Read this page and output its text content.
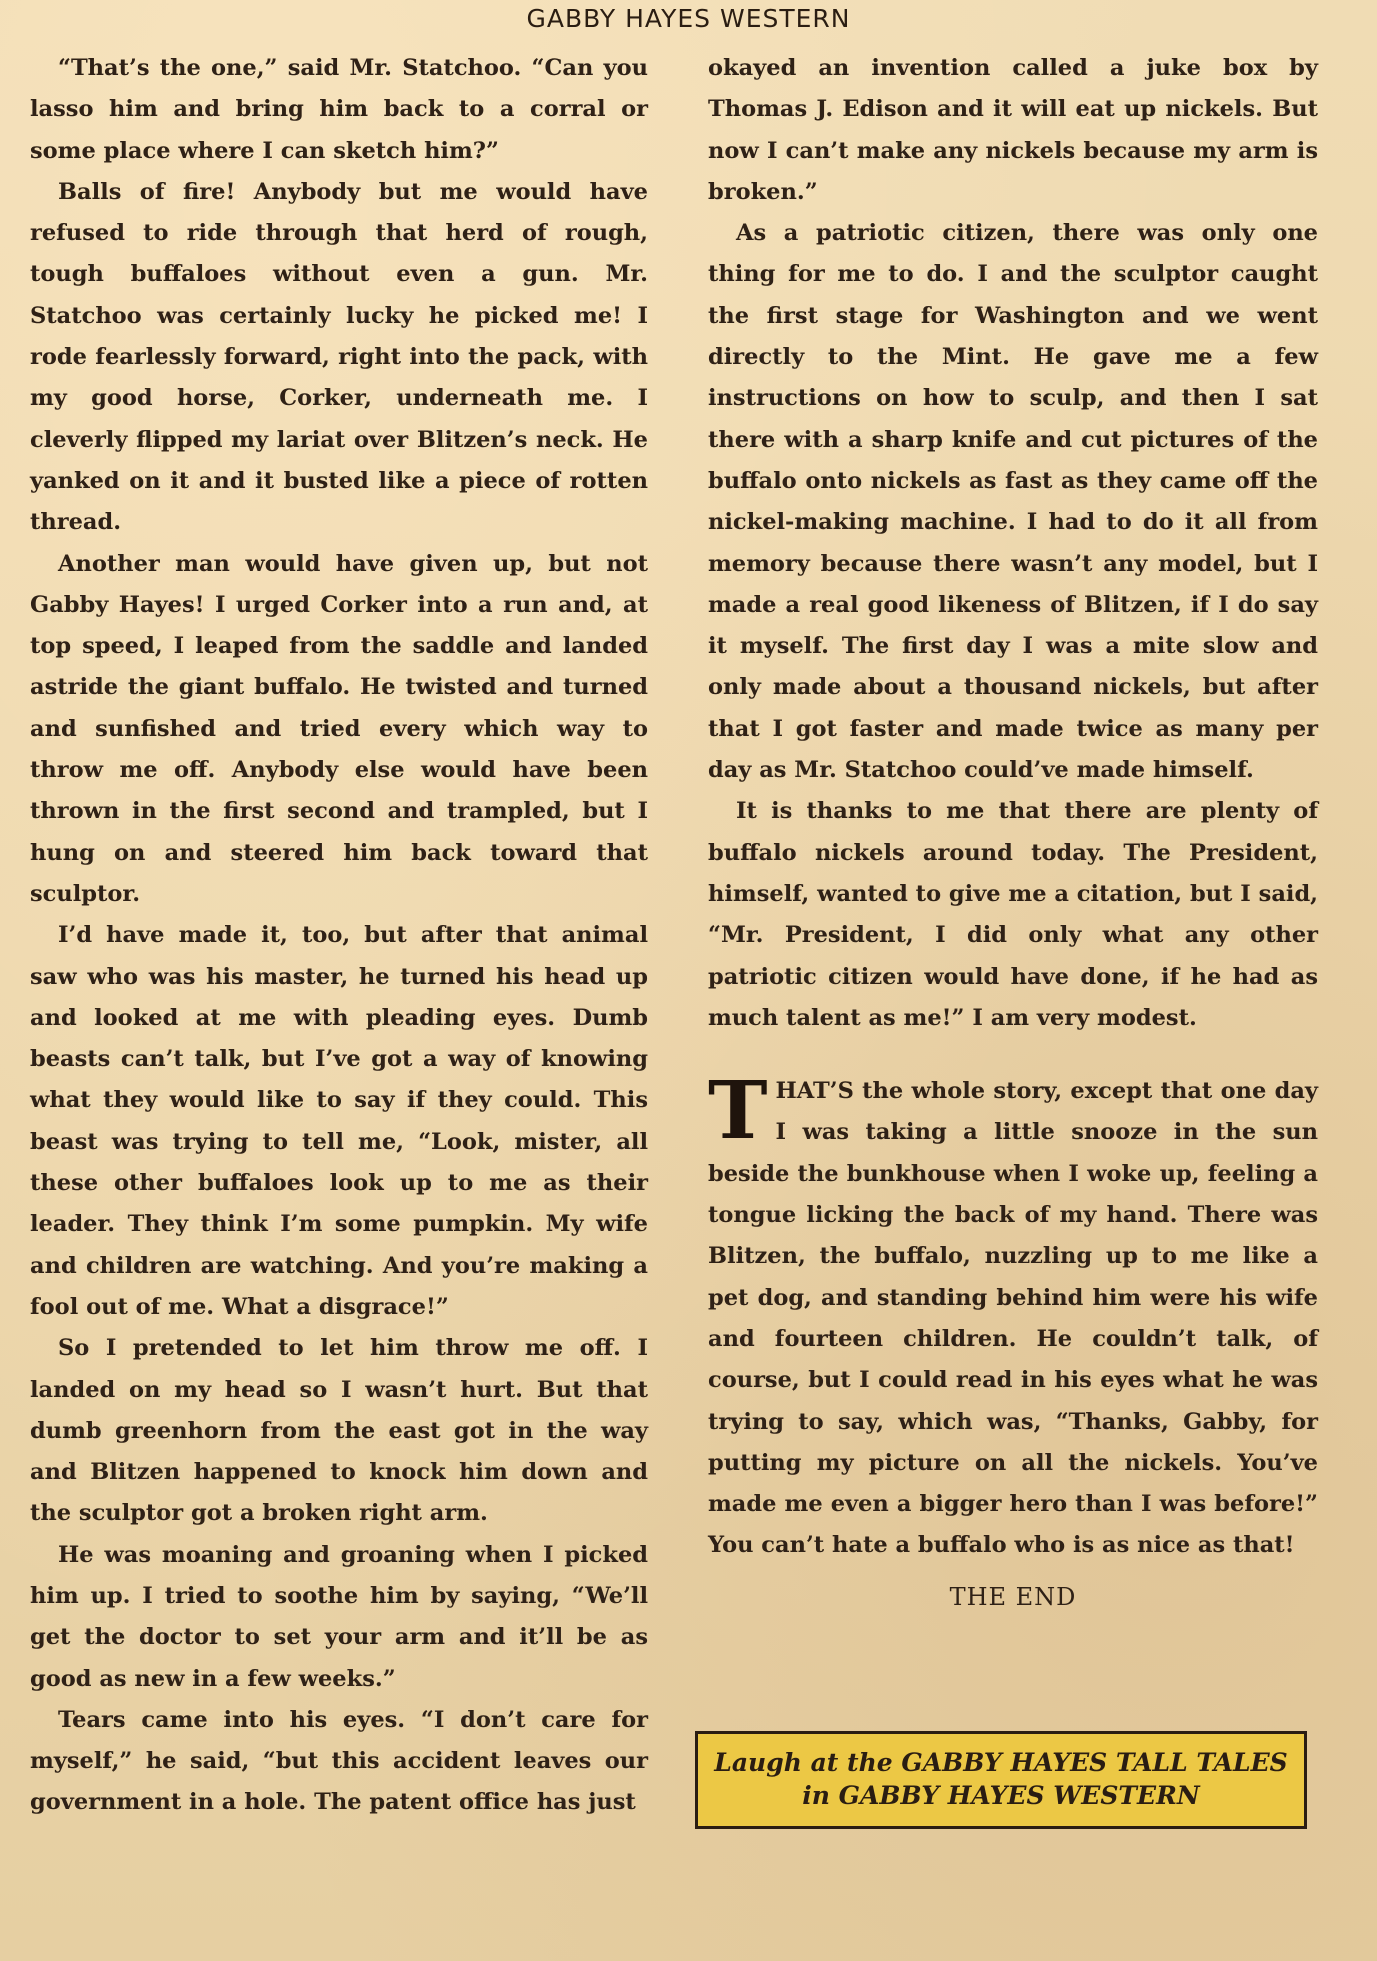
GABBY HAYES WESTERN

“That’s the one,” said Mr. Statchoo. “Can you lasso him and bring him back to a corral or some place where I can sketch him?”

Balls of fire! Anybody but me would have refused to ride through that herd of rough, tough buffaloes without even a gun. Mr. Statchoo was certainly lucky he picked me! I rode fearlessly forward, right into the pack, with my good horse, Corker, underneath me. I cleverly flipped my lariat over Blitzen’s neck. He yanked on it and it busted like a piece of rotten thread.

Another man would have given up, but not Gabby Hayes! I urged Corker into a run and, at top speed, I leaped from the saddle and landed astride the giant buffalo. He twisted and turned and sunfished and tried every which way to throw me off. Anybody else would have been thrown in the first second and trampled, but I hung on and steered him back toward that sculptor.

I’d have made it, too, but after that animal saw who was his master, he turned his head up and looked at me with pleading eyes. Dumb beasts can’t talk, but I’ve got a way of knowing what they would like to say if they could. This beast was trying to tell me, “Look, mister, all these other buffaloes look up to me as their leader. They think I’m some pumpkin. My wife and children are watching. And you’re making a fool out of me. What a disgrace!”

So I pretended to let him throw me off. I landed on my head so I wasn’t hurt. But that dumb greenhorn from the east got in the way and Blitzen happened to knock him down and the sculptor got a broken right arm.

He was moaning and groaning when I picked him up. I tried to soothe him by saying, “We’ll get the doctor to set your arm and it’ll be as good as new in a few weeks.”

Tears came into his eyes. “I don’t care for myself,” he said, “but this accident leaves our government in a hole. The patent office has just

okayed an invention called a juke box by Thomas J. Edison and it will eat up nickels. But now I can’t make any nickels because my arm is broken.”

As a patriotic citizen, there was only one thing for me to do. I and the sculptor caught the first stage for Washington and we went directly to the Mint. He gave me a few instructions on how to sculp, and then I sat there with a sharp knife and cut pictures of the buffalo onto nickels as fast as they came off the nickel-making machine. I had to do it all from memory because there wasn’t any model, but I made a real good likeness of Blitzen, if I do say it myself. The first day I was a mite slow and only made about a thousand nickels, but after that I got faster and made twice as many per day as Mr. Statchoo could’ve made himself.

It is thanks to me that there are plenty of buffalo nickels around today. The President, himself, wanted to give me a citation, but I said, “Mr. President, I did only what any other patriotic citizen would have done, if he had as much talent as me!” I am very modest.

THAT’S the whole story, except that one day I was taking a little snooze in the sun beside the bunkhouse when I woke up, feeling a tongue licking the back of my hand. There was Blitzen, the buffalo, nuzzling up to me like a pet dog, and standing behind him were his wife and fourteen children. He couldn’t talk, of course, but I could read in his eyes what he was trying to say, which was, “Thanks, Gabby, for putting my picture on all the nickels. You’ve made me even a bigger hero than I was before!” You can’t hate a buffalo who is as nice as that!

THE END
Laugh at the GABBY HAYES TALL TALES
in GABBY HAYES WESTERN
